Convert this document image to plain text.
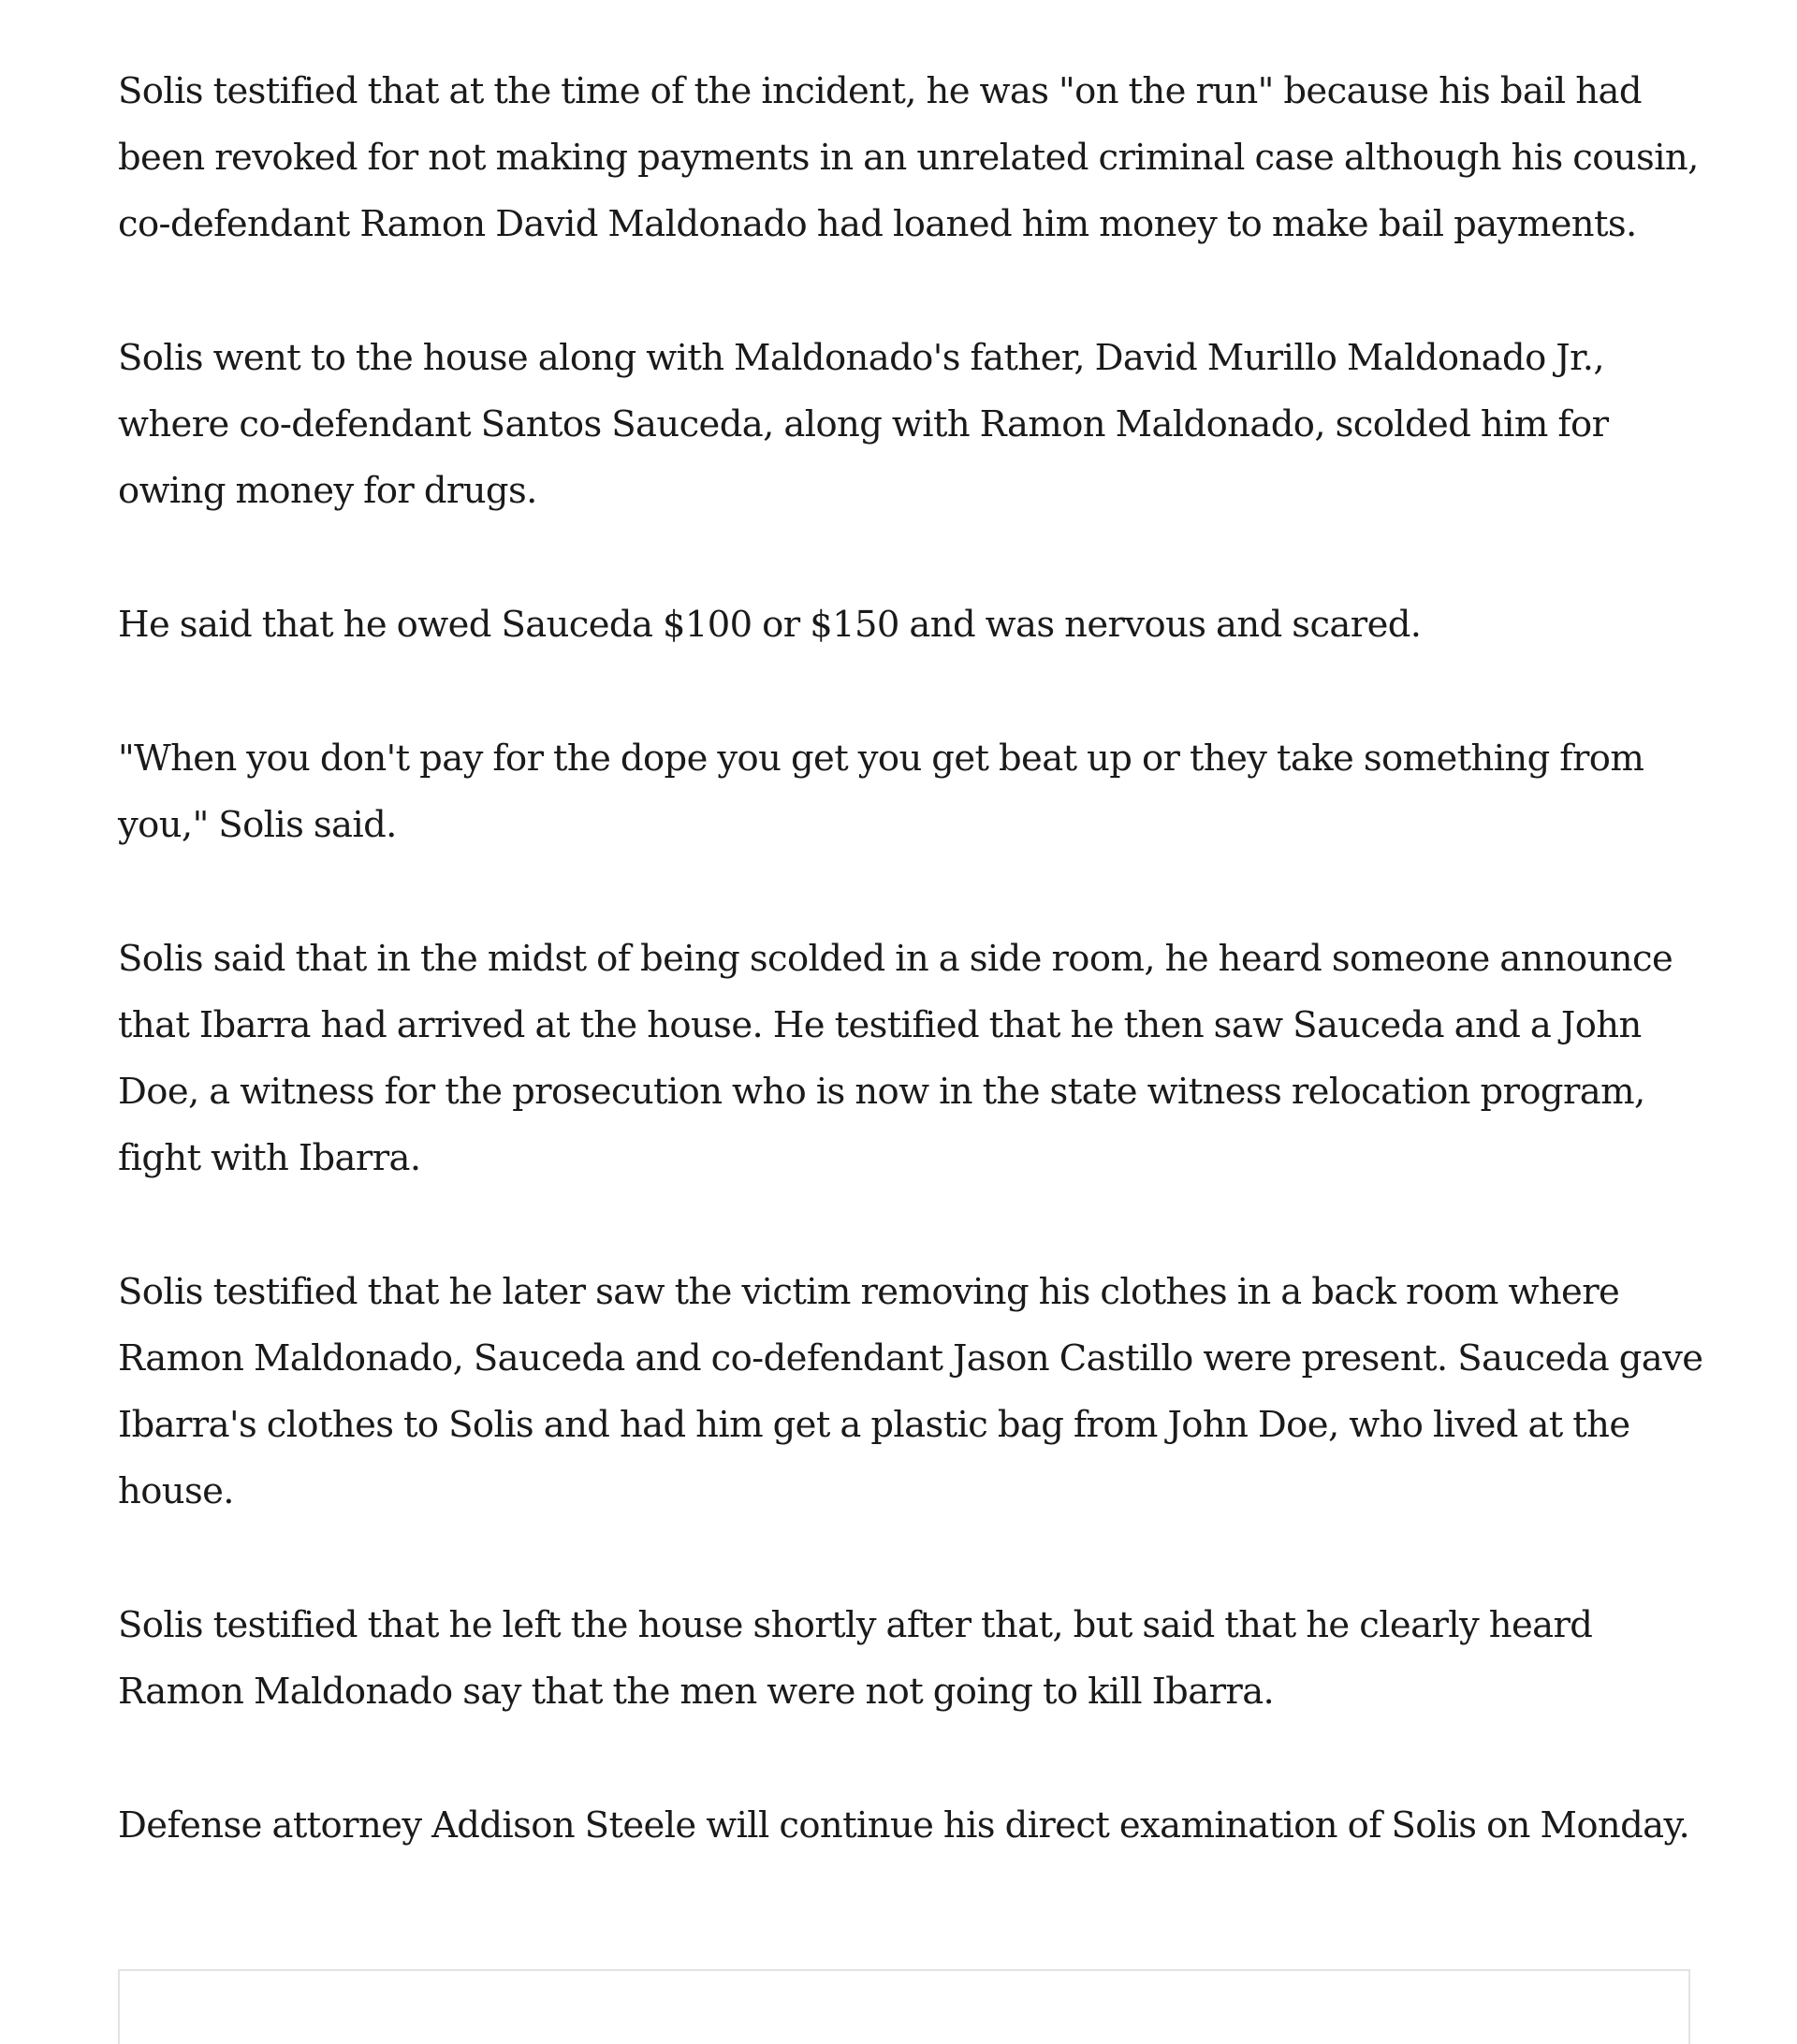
Solis testified that at the time of the incident, he was "on the run" because his bail had been revoked for not making payments in an unrelated criminal case although his cousin, co-defendant Ramon David Maldonado had loaned him money to make bail payments.

Solis went to the house along with Maldonado's father, David Murillo Maldonado Jr., where co-defendant Santos Sauceda, along with Ramon Maldonado, scolded him for owing money for drugs.

He said that he owed Sauceda $100 or $150 and was nervous and scared.

"When you don't pay for the dope you get you get beat up or they take something from you," Solis said.

Solis said that in the midst of being scolded in a side room, he heard someone announce that Ibarra had arrived at the house. He testified that he then saw Sauceda and a John Doe, a witness for the prosecution who is now in the state witness relocation program, fight with Ibarra.

Solis testified that he later saw the victim removing his clothes in a back room where Ramon Maldonado, Sauceda and co-defendant Jason Castillo were present. Sauceda gave Ibarra's clothes to Solis and had him get a plastic bag from John Doe, who lived at the house.

Solis testified that he left the house shortly after that, but said that he clearly heard Ramon Maldonado say that the men were not going to kill Ibarra.

Defense attorney Addison Steele will continue his direct examination of Solis on Monday.
